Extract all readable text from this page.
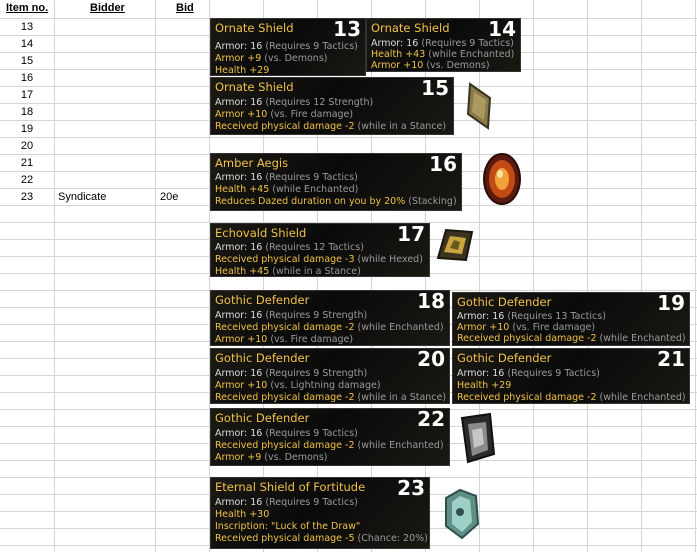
Item no.	Bidder	Bid
13
14
15
16
17
18
19
20
21
22
23	Syndicate	20e
Ornate Shield 13
Armor: 16 (Requires 9 Tactics)
Armor +9 (vs. Demons)
Health +29
Ornate Shield 14
Armor: 16 (Requires 9 Tactics)
Health +43 (while Enchanted)
Armor +10 (vs. Demons)
Ornate Shield	15
Armor: 16 (Requires 12 Strength)
Armor +10 (vs. Fire damage)
Received physical damage -2 (while in a Stance)
Amber Aegis	16
Armor: 16 (Requires 9 Tactics)
Health +45 (while Enchanted)
Reduces Dazed duration on you by 20% (Stacking)
Echovald Shield	17
Armor: 16 (Requires 12 Tactics)
Received physical damage -3 (while Hexed)
Health +45 (while in a Stance)
Gothic Defender	18
Armor: 16 (Requires 9 Strength)
Received physical damage -2 (while Enchanted)
Armor +10 (vs. Fire damage)
Gothic Defender	19
Armor: 16 (Requires 13 Tactics)
Armor +10 (vs. Fire damage)
Received physical damage -2 (while Enchanted)
Gothic Defender	20
Armor: 16 (Requires 9 Strength)
Armor +10 (vs. Lightning damage)
Received physical damage -2 (while in a Stance)
Gothic Defender	21
Armor: 16 (Requires 9 Tactics)
Health +29
Received physical damage -2 (while Enchanted)
Gothic Defender	22
Armor: 16 (Requires 9 Tactics)
Received physical damage -2 (while Enchanted)
Armor +9 (vs. Demons)
Eternal Shield of Fortitude 23
Armor: 16 (Requires 9 Tactics)
Health +30
Inscription: "Luck of the Draw"
Received physical damage -5 (Chance: 20%)
